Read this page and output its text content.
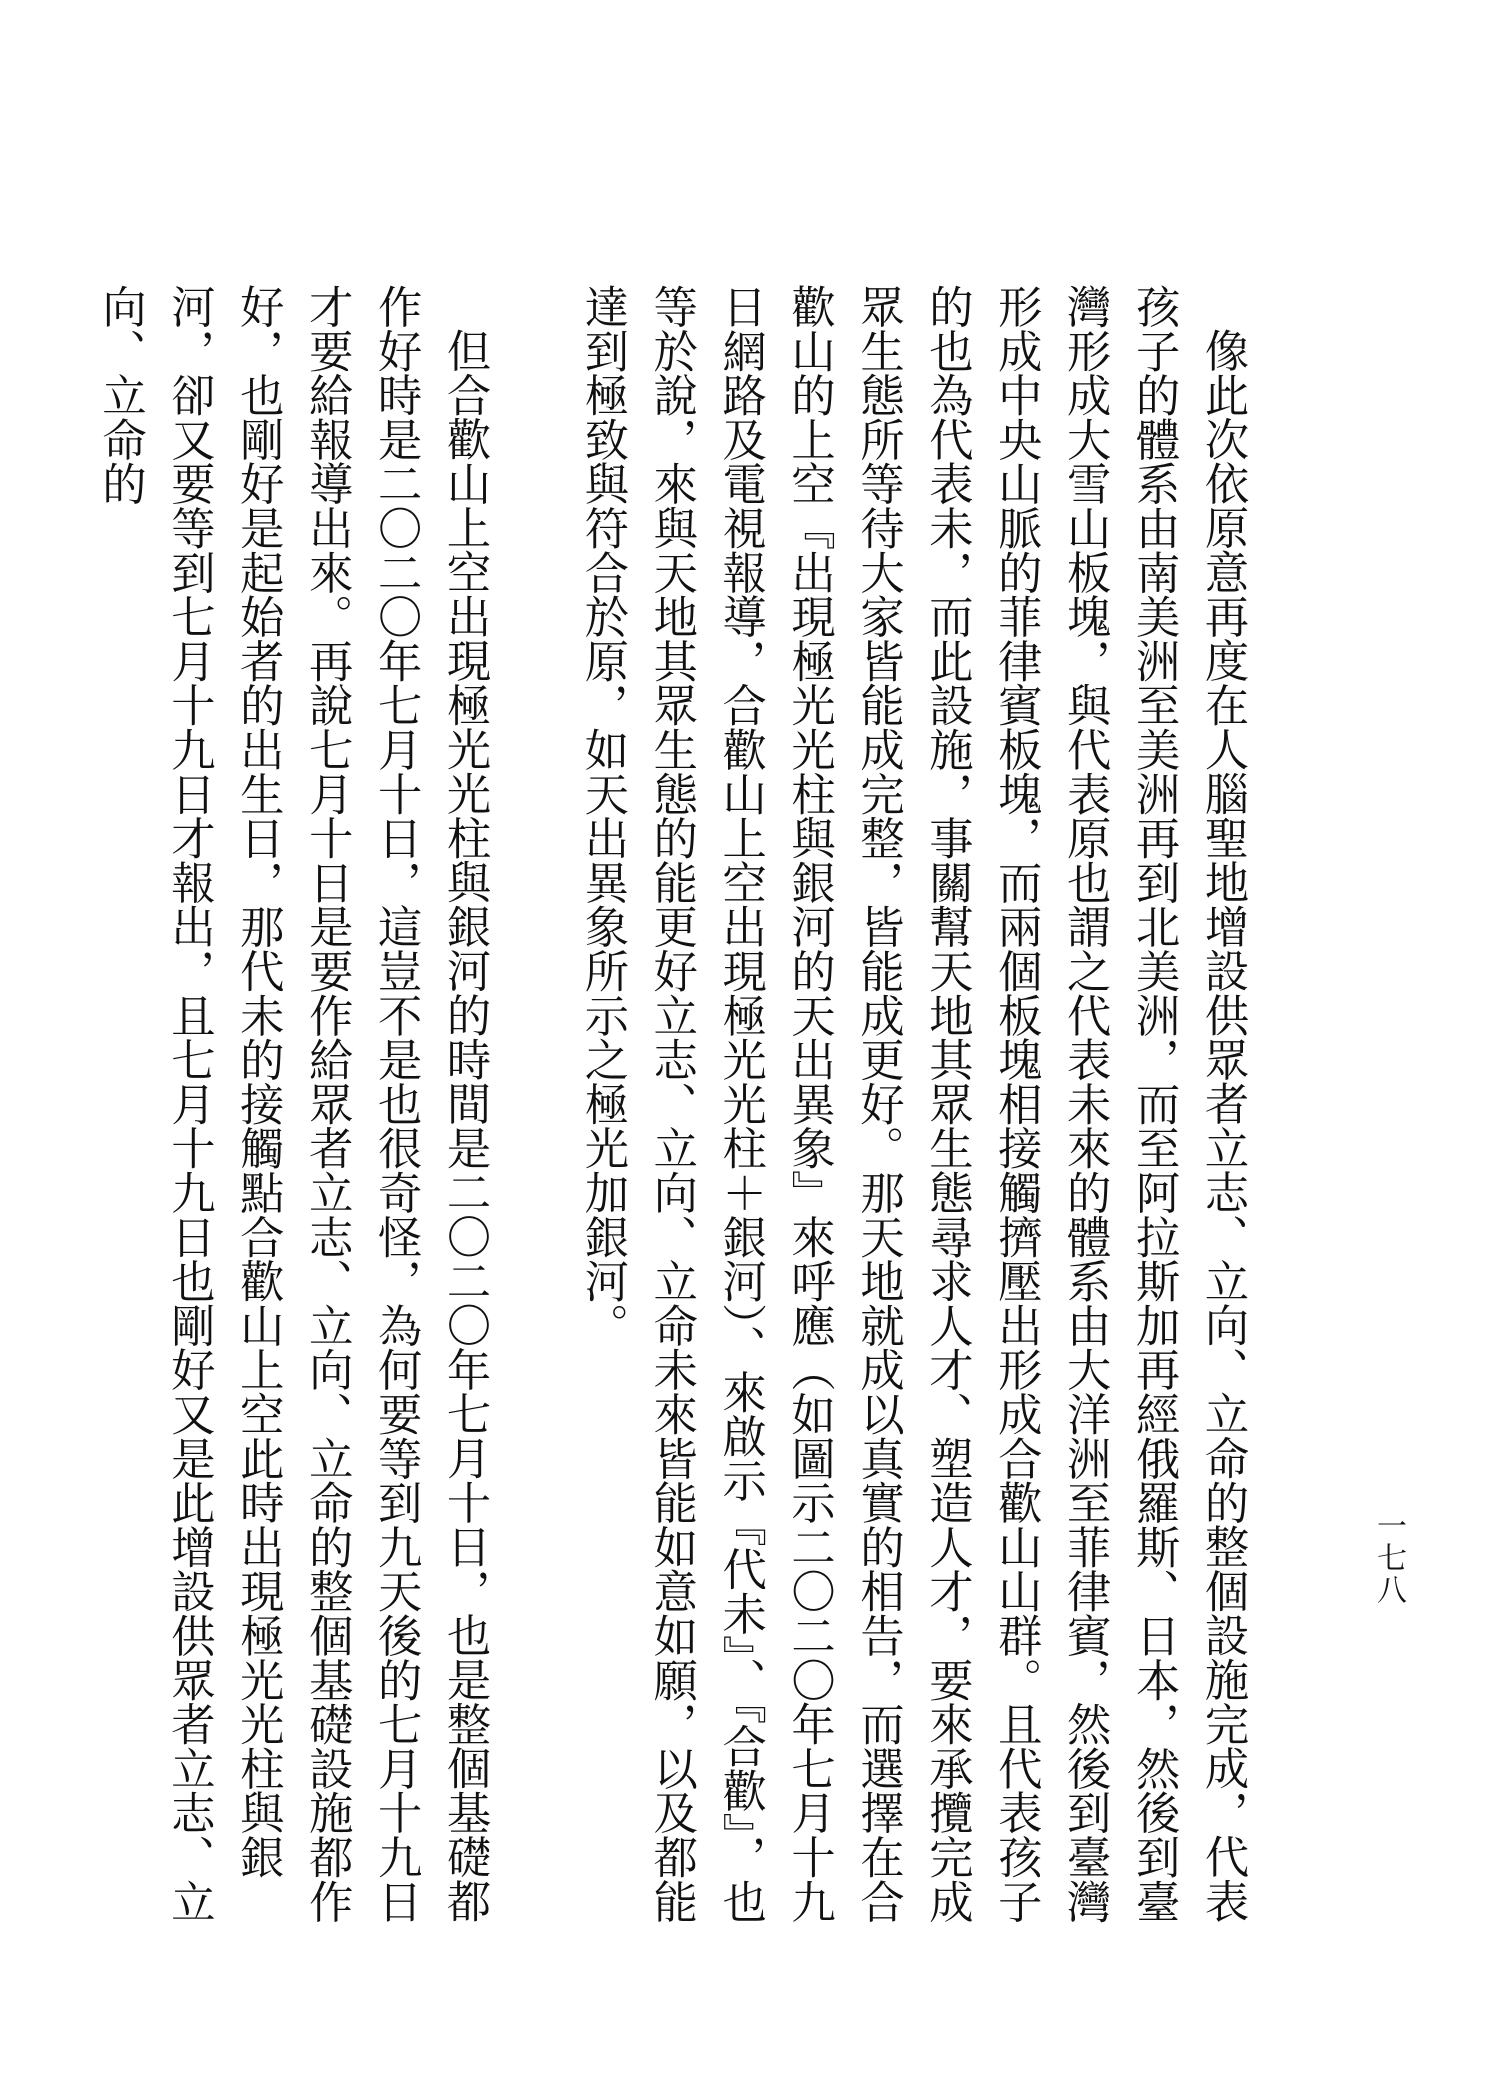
一七八

像此次依原意再度在人腦聖地增設供眾者立志、立向、立命的整個設施完成，代表孩子的體系由南美洲至美洲再到北美洲，而至阿拉斯加再經俄羅斯、日本，然後到臺灣形成大雪山板塊，與代表原也謂之代表未來的體系由大洋洲至菲律賓，然後到臺灣形成中央山脈的菲律賓板塊，而兩個板塊相接觸擠壓出形成合歡山山群。且代表孩子的也為代表未，而此設施，事關幫天地其眾生態尋求人才、塑造人才，要來承攬完成眾生態所等待大家皆能成完整，皆能成更好。那天地就成以真實的相告，而選擇在合歡山的上空『出現極光光柱與銀河的天出異象』來呼應（如圖示二〇二〇年七月十九日網路及電視報導，合歡山上空出現極光光柱＋銀河）、來啟示『代未』、『合歡』，也等於說，來與天地其眾生態的能更好立志、立向、立命未來皆能如意如願，以及都能達到極致與符合於原，如天出異象所示之極光加銀河。

但合歡山上空出現極光光柱與銀河的時間是二〇二〇年七月十日，也是整個基礎都作好時是二〇二〇年七月十日，這豈不是也很奇怪，為何要等到九天後的七月十九日才要給報導出來。再說七月十日是要作給眾者立志、立向、立命的整個基礎設施都作好，也剛好是起始者的出生日，那代未的接觸點合歡山上空此時出現極光光柱與銀河，卻又要等到七月十九日才報出，且七月十九日也剛好又是此增設供眾者立志、立向、立命的
